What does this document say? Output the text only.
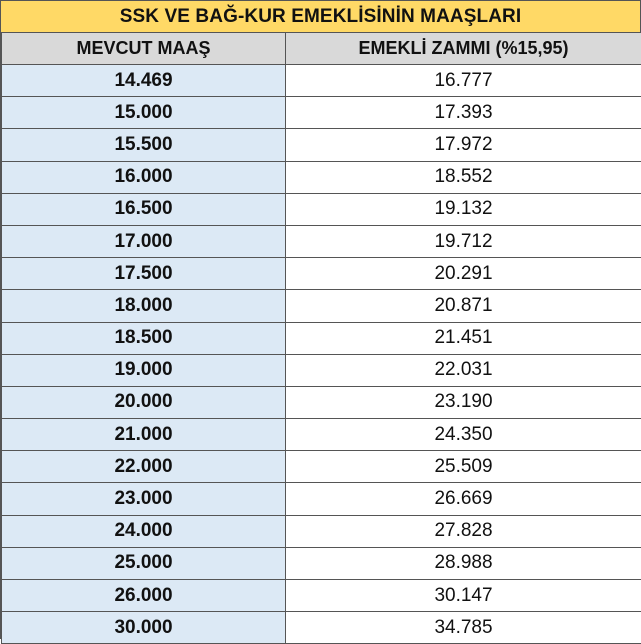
SSK VE BAĞ-KUR EMEKLİSİNİN MAAŞLARI
MEVCUT MAAŞ	EMEKLİ ZAMMI (%15,95)
14.469	16.777
15.000	17.393
15.500	17.972
16.000	18.552
16.500	19.132
17.000	19.712
17.500	20.291
18.000	20.871
18.500	21.451
19.000	22.031
20.000	23.190
21.000	24.350
22.000	25.509
23.000	26.669
24.000	27.828
25.000	28.988
26.000	30.147
30.000	34.785
